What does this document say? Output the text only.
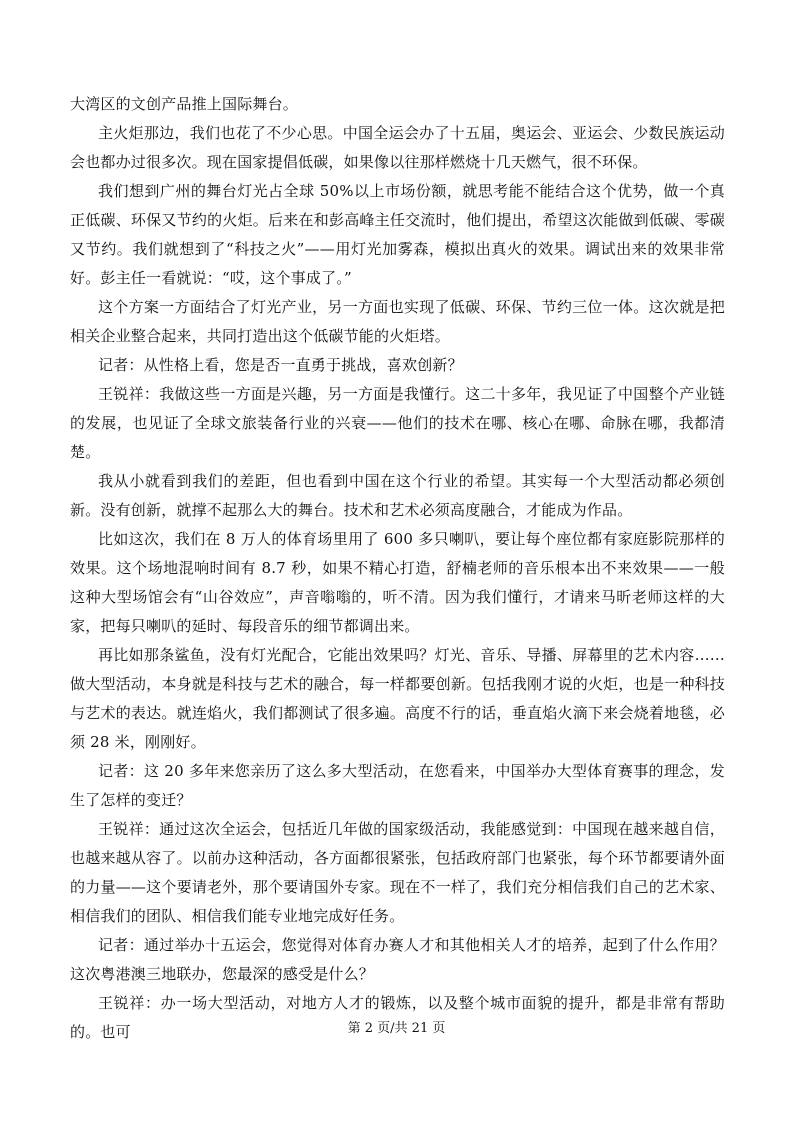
大湾区的文创产品推上国际舞台。

主火炬那边，我们也花了不少心思。中国全运会办了十五届，奥运会、亚运会、少数民族运动会也都办过很多次。现在国家提倡低碳，如果像以往那样燃烧十几天燃气，很不环保。

我们想到广州的舞台灯光占全球 50%以上市场份额，就思考能不能结合这个优势，做一个真正低碳、环保又节约的火炬。后来在和彭高峰主任交流时，他们提出，希望这次能做到低碳、零碳又节约。我们就想到了“科技之火”——用灯光加雾森，模拟出真火的效果。调试出来的效果非常好。彭主任一看就说：“哎，这个事成了。”

这个方案一方面结合了灯光产业，另一方面也实现了低碳、环保、节约三位一体。这次就是把相关企业整合起来，共同打造出这个低碳节能的火炬塔。

记者：从性格上看，您是否一直勇于挑战，喜欢创新？

王锐祥：我做这些一方面是兴趣，另一方面是我懂行。这二十多年，我见证了中国整个产业链的发展，也见证了全球文旅装备行业的兴衰——他们的技术在哪、核心在哪、命脉在哪，我都清楚。

我从小就看到我们的差距，但也看到中国在这个行业的希望。其实每一个大型活动都必须创新。没有创新，就撑不起那么大的舞台。技术和艺术必须高度融合，才能成为作品。

比如这次，我们在 8 万人的体育场里用了 600 多只喇叭，要让每个座位都有家庭影院那样的效果。这个场地混响时间有 8.7 秒，如果不精心打造，舒楠老师的音乐根本出不来效果——一般这种大型场馆会有“山谷效应”，声音嗡嗡的，听不清。因为我们懂行，才请来马昕老师这样的大家，把每只喇叭的延时、每段音乐的细节都调出来。

再比如那条鲨鱼，没有灯光配合，它能出效果吗？灯光、音乐、导播、屏幕里的艺术内容……做大型活动，本身就是科技与艺术的融合，每一样都要创新。包括我刚才说的火炬，也是一种科技与艺术的表达。就连焰火，我们都测试了很多遍。高度不行的话，垂直焰火滴下来会烧着地毯，必须 28 米，刚刚好。

记者：这 20 多年来您亲历了这么多大型活动，在您看来，中国举办大型体育赛事的理念，发生了怎样的变迁？

王锐祥：通过这次全运会，包括近几年做的国家级活动，我能感觉到：中国现在越来越自信，也越来越从容了。以前办这种活动，各方面都很紧张，包括政府部门也紧张，每个环节都要请外面的力量——这个要请老外，那个要请国外专家。现在不一样了，我们充分相信我们自己的艺术家、相信我们的团队、相信我们能专业地完成好任务。

记者：通过举办十五运会，您觉得对体育办赛人才和其他相关人才的培养，起到了什么作用？这次粤港澳三地联办，您最深的感受是什么？

王锐祥：办一场大型活动，对地方人才的锻炼，以及整个城市面貌的提升，都是非常有帮助的。也可	第 2 页/共 21 页
